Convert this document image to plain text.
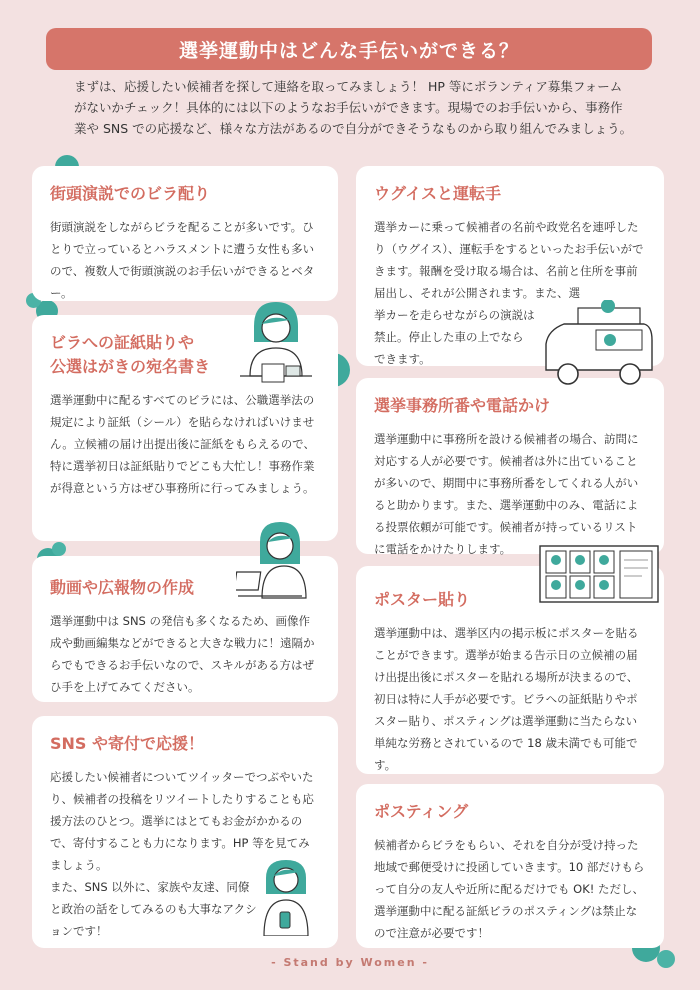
選挙運動中はどんな手伝いができる？
まずは、応援したい候補者を探して連絡を取ってみましょう！ HP 等にボランティア募集フォームがないかチェック！具体的には以下のようなお手伝いができます。現場でのお手伝いから、事務作業や SNS での応援など、様々な方法があるので自分ができそうなものから取り組んでみましょう。
街頭演説でのビラ配り

街頭演説をしながらビラを配ることが多いです。ひとりで立っているとハラスメントに遭う女性も多いので、複数人で街頭演説のお手伝いができるとベター。

ビラへの証紙貼りや
公選はがきの宛名書き

選挙運動中に配るすべてのビラには、公職選挙法の規定により証紙（シール）を貼らなければいけません。立候補の届け出提出後に証紙をもらえるので、特に選挙初日は証紙貼りでどこも大忙し！事務作業が得意という方はぜひ事務所に行ってみましょう。

動画や広報物の作成

選挙運動中は SNS の発信も多くなるため、画像作成や動画編集などができると大きな戦力に！遠隔からでもできるお手伝いなので、スキルがある方はぜひ手を上げてみてください。

SNS や寄付で応援！

応援したい候補者についてツイッターでつぶやいたり、候補者の投稿をリツイートしたりすることも応援方法のひとつ。選挙にはとてもお金がかかるので、寄付することも力になります。HP 等を見てみましょう。

また、SNS 以外に、家族や友達、同僚と政治の話をしてみるのも大事なアクションです！

ウグイスと運転手

選挙カーに乗って候補者の名前や政党名を連呼したり（ウグイス）、運転手をするといったお手伝いができます。報酬を受け取る場合は、名前と住所を事前届出し、それが公開されます。また、選

挙カーを走らせながらの演説は

禁止。停止した車の上でなら

できます。

選挙事務所番や電話かけ

選挙運動中に事務所を設ける候補者の場合、訪問に対応する人が必要です。候補者は外に出ていることが多いので、期間中に事務所番をしてくれる人がいると助かります。また、選挙運動中のみ、電話による投票依頼が可能です。候補者が持っているリストに電話をかけたりします。

ポスター貼り

選挙運動中は、選挙区内の掲示板にポスターを貼ることができます。選挙が始まる告示日の立候補の届け出提出後にポスターを貼れる場所が決まるので、初日は特に人手が必要です。ビラへの証紙貼りやポスター貼り、ポスティングは選挙運動に当たらない単純な労務とされているので 18 歳未満でも可能です。

ポスティング

候補者からビラをもらい、それを自分が受け持った地域で郵便受けに投函していきます。10 部だけもらって自分の友人や近所に配るだけでも OK! ただし、選挙運動中に配る証紙ビラのポスティングは禁止なので注意が必要です！

- Stand by Women -
